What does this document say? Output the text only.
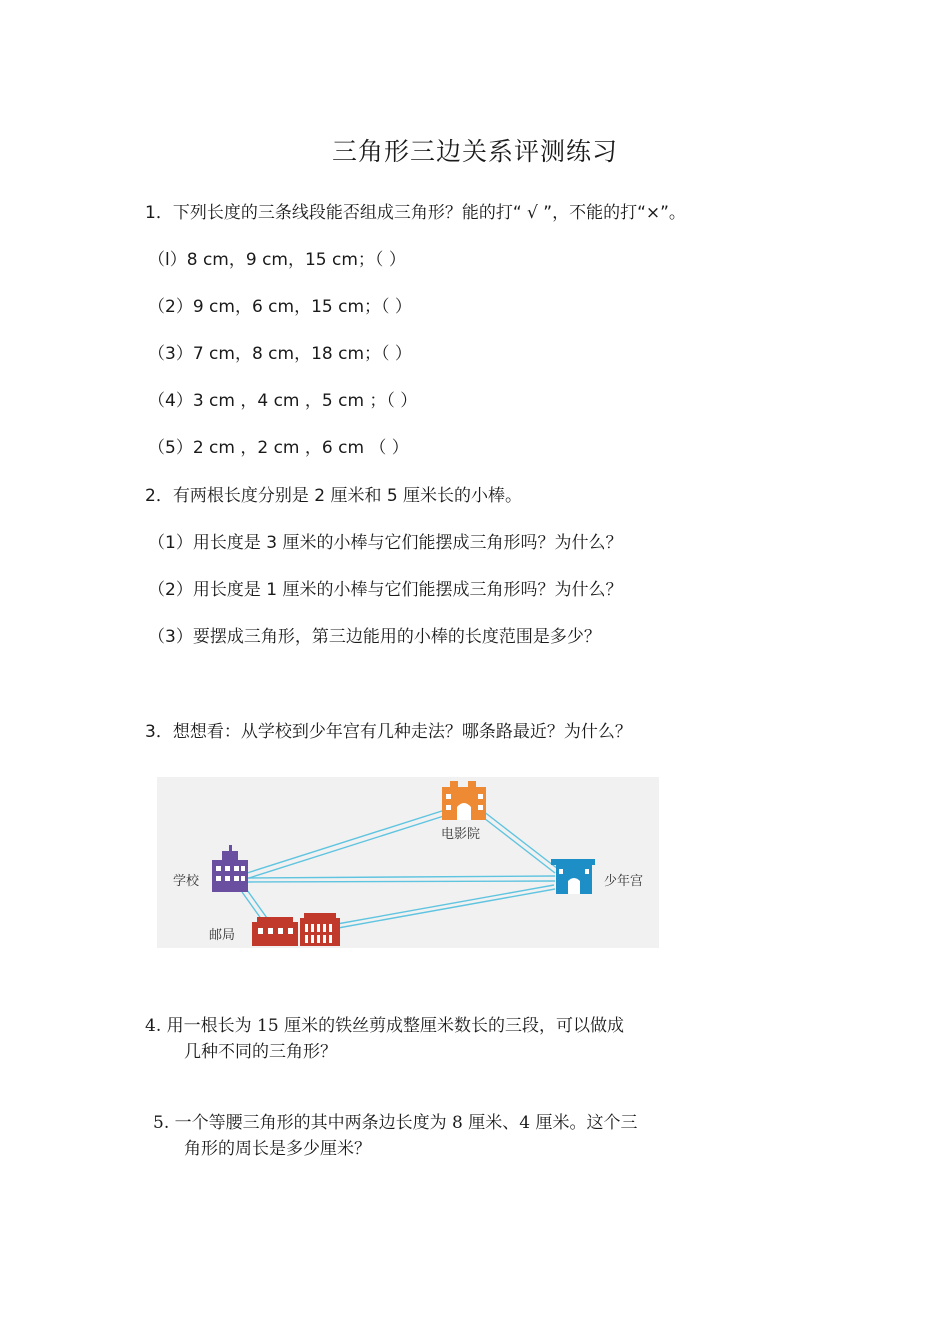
三角形三边关系评测练习
1．下列长度的三条线段能否组成三角形？能的打“ √ ”，不能的打“×”。
（l）8 cm，9 cm，15 cm；（ ）
（2）9 cm，6 cm，15 cm；（ ）
（3）7 cm，8 cm，18 cm；（ ）
（4）3 cm ，4 cm ，5 cm ；（ ）
（5）2 cm ，2 cm ，6 cm （ ）
2．有两根长度分别是 2 厘米和 5 厘米长的小棒。
（1）用长度是 3 厘米的小棒与它们能摆成三角形吗？为什么？
（2）用长度是 1 厘米的小棒与它们能摆成三角形吗？为什么？
（3）要摆成三角形，第三边能用的小棒的长度范围是多少？
3．想想看：从学校到少年宫有几种走法？哪条路最近？为什么？
学校
电影院
少年宫
邮局
4. 用一根长为 15 厘米的铁丝剪成整厘米数长的三段，可以做成
几种不同的三角形？
5. 一个等腰三角形的其中两条边长度为 8 厘米、4 厘米。这个三
角形的周长是多少厘米？
